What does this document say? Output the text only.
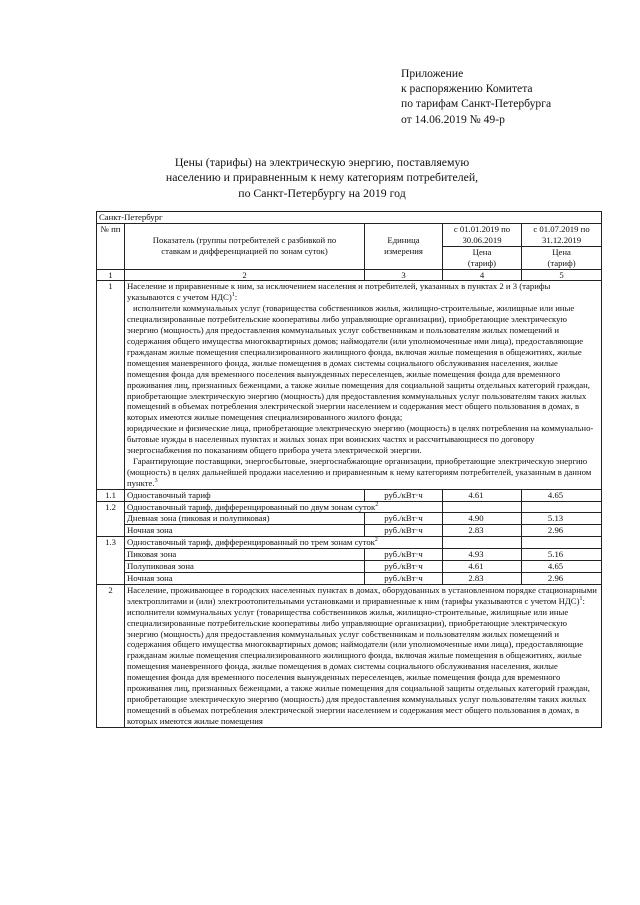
Приложение
к распоряжению Комитета
по тарифам Санкт-Петербурга
от 14.06.2019 № 49-р
Цены (тарифы) на электрическую энергию, поставляемую
населению и приравненным к нему категориям потребителей,
по Санкт-Петербургу на 2019 год
Санкт-Петербург				
№ пп	Показатель (группы потребителей с разбивкой по ставкам и дифференциацией по зонам суток)	Единица измерения	с 01.01.2019 по 30.06.2019	с 01.07.2019 по 31.12.2019
			Цена (тариф)	Цена (тариф)
1	2	3	4	5
1	Население и приравненные к ним, за исключением населения и потребителей, указанных в пунктах 2 и 3 (тарифы указываются с учетом НДС)$^1$:

исполнители коммунальных услуг (товарищества собственников жилья, жилищно-строительные, жилищные или иные специализированные потребительские кооперативы либо управляющие организации), приобретающие электрическую энергию (мощность) для предоставления коммунальных услуг собственникам и пользователям жилых помещений и содержания общего имущества многоквартирных домов; наймодатели (или уполномоченные ими лица), предоставляющие гражданам жилые помещения специализированного жилищного фонда, включая жилые помещения в общежитиях, жилые помещения маневренного фонда, жилые помещения в домах системы социального обслуживания населения, жилые помещения фонда для временного поселения вынужденных переселенцев, жилые помещения фонда для временного проживания лиц, признанных беженцами, а также жилые помещения для социальной защиты отдельных категорий граждан, приобретающие электрическую энергию (мощность) для предоставления коммунальных услуг пользователям таких жилых помещений в объемах потребления электрической энергии населением и содержания мест общего пользования в домах, в которых имеются жилые помещения специализированного жилого фонда;

юридические и физические лица, приобретающие электрическую энергию (мощность) в целях потребления на коммунально-бытовые нужды в населенных пунктах и жилых зонах при воинских частях и рассчитывающиеся по договору энергоснабжения по показаниям общего прибора учета электрической энергии.

Гарантирующие поставщики, энергосбытовые, энергоснабжающие организации, приобретающие электрическую энергию (мощность) в целях дальнейшей продажи населению и приравненным к нему категориям потребителей, указанным в данном пункте.$^3$

1.1	Одноставочный тариф	руб./кВт·ч	4.61	4.65
1.2	Одноставочный тариф, дифференцированный по двум зонам суток$^2$		
	Дневная зона (пиковая и полупиковая)	руб./кВт·ч	4.90	5.13
	Ночная зона	руб./кВт·ч	2.83	2.96
1.3	Одноставочный тариф, дифференцированный по трем зонам суток$^2$		
	Пиковая зона	руб./кВт·ч	4.93	5.16
	Полупиковая зона	руб./кВт·ч	4.61	4.65
	Ночная зона	руб./кВт·ч	2.83	2.96
2	Население, проживающее в городских населенных пунктах в домах, оборудованных в установленном порядке стационарными электроплитами и (или) электроотопительными установками и приравненные к ним (тарифы указываются с учетом НДС)$^1$:

исполнители коммунальных услуг (товарищества собственников жилья, жилищно-строительные, жилищные или иные специализированные потребительские кооперативы либо управляющие организации), приобретающие электрическую энергию (мощность) для предоставления коммунальных услуг собственникам и пользователям жилых помещений и содержания общего имущества многоквартирных домов; наймодатели (или уполномоченные ими лица), предоставляющие гражданам жилые помещения специализированного жилищного фонда, включая жилые помещения в общежитиях, жилые помещения маневренного фонда, жилые помещения в домах системы социального обслуживания населения, жилые помещения фонда для временного поселения вынужденных переселенцев, жилые помещения фонда для временного проживания лиц, признанных беженцами, а также жилые помещения для социальной защиты отдельных категорий граждан, приобретающие электрическую энергию (мощность) для предоставления коммунальных услуг пользователям таких жилых помещений в объемах потребления электрической энергии населением и содержания мест общего пользования в домах, в которых имеются жилые помещения			
